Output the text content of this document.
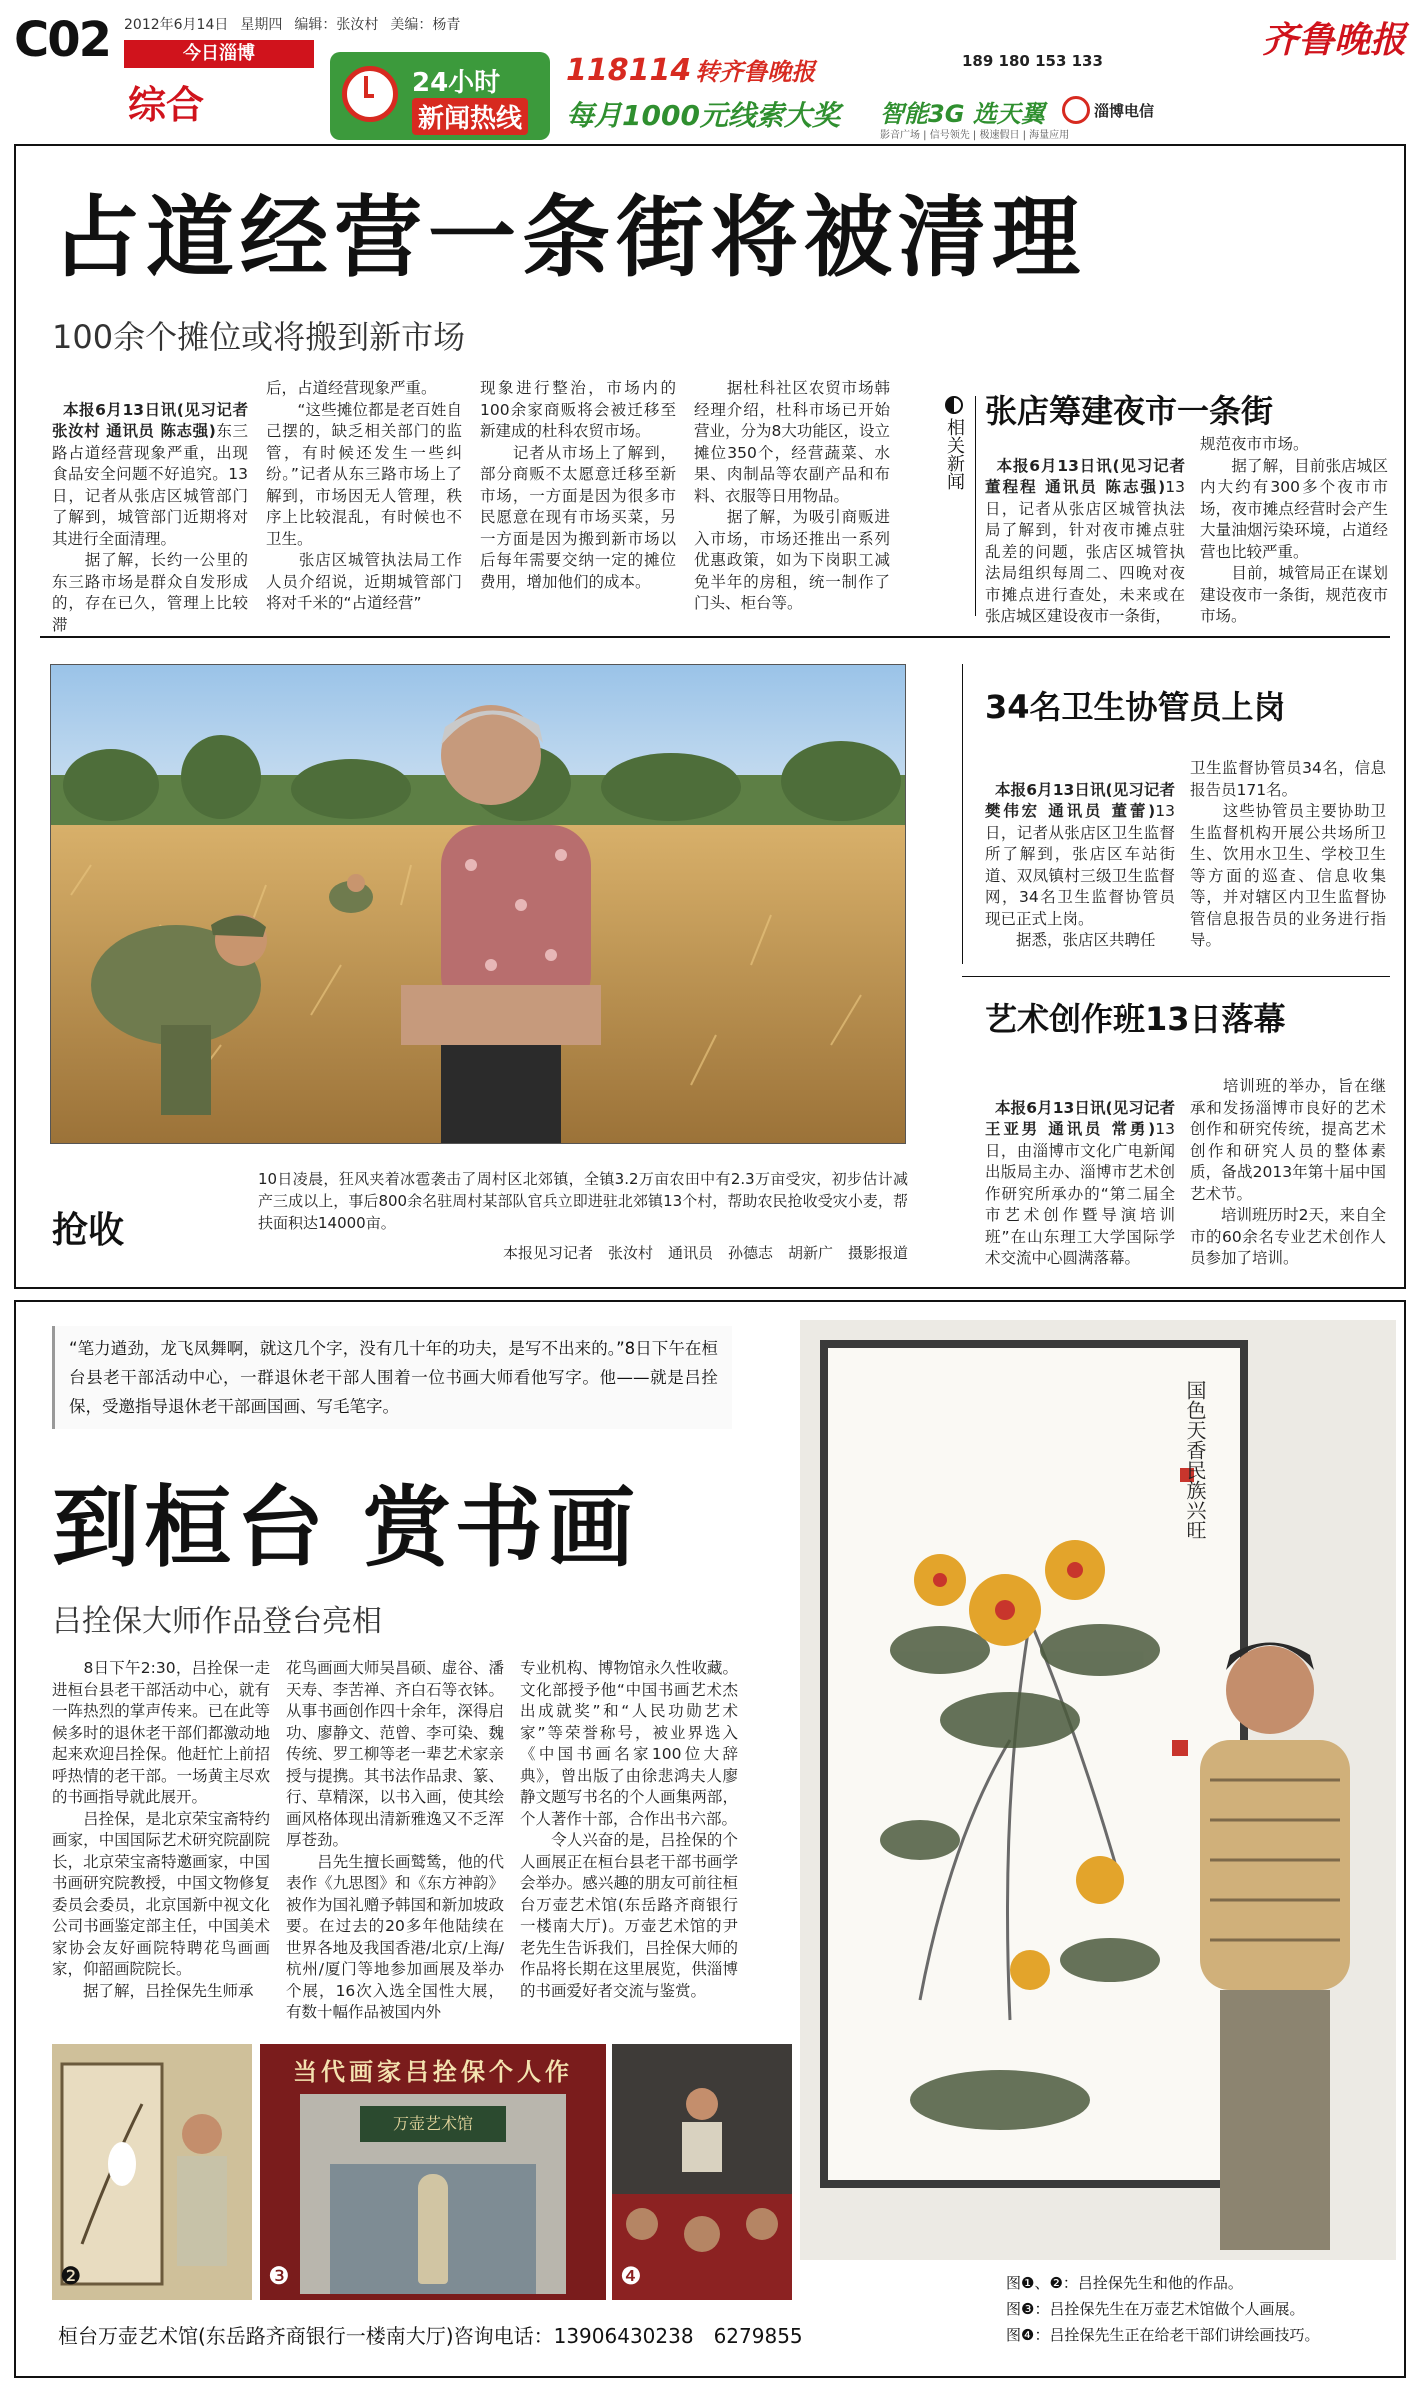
C02 2012年6月14日 星期四 编辑：张汝村 美编：杨青
今日淄博
综合	24小时
新闻热线
118114 转齐鲁晚报
每月1000元线索大奖
189 180 153 133
智能3G 选天翼	淄博电信
影音广场 | 信号领先 | 极速假日 | 海量应用
齐鲁晚报
占道经营一条街将被清理
100余个摊位或将搬到新市场

本报6月13日讯(见习记者 张汝村 通讯员 陈志强)东三路占道经营现象严重，出现食品安全问题不好追究。13日，记者从张店区城管部门了解到，城管部门近期将对其进行全面清理。
　　据了解，长约一公里的东三路市场是群众自发形成的，存在已久，管理上比较滞

后，占道经营现象严重。
　　“这些摊位都是老百姓自己摆的，缺乏相关部门的监管，有时候还发生一些纠纷。”记者从东三路市场上了解到，市场因无人管理，秩序上比较混乱，有时候也不卫生。
　　张店区城管执法局工作人员介绍说，近期城管部门将对千米的“占道经营”
现象进行整治，市场内的100余家商贩将会被迁移至新建成的杜科农贸市场。
　　记者从市场上了解到，部分商贩不太愿意迁移至新市场，一方面是因为很多市民愿意在现有市场买菜，另一方面是因为搬到新市场以后每年需要交纳一定的摊位费用，增加他们的成本。
　　据杜科社区农贸市场韩经理介绍，杜科市场已开始营业，分为8大功能区，设立摊位350个，经营蔬菜、水果、肉制品等农副产品和布料、衣服等日用物品。
　　据了解，为吸引商贩进入市场，市场还推出一系列优惠政策，如为下岗职工减免半年的房租，统一制作了门头、柜台等。
相关新闻
张店筹建夜市一条街

本报6月13日讯(见习记者 董程程 通讯员 陈志强)13日，记者从张店区城管执法局了解到，针对夜市摊点驻乱差的问题，张店区城管执法局组织每周二、四晚对夜市摊点进行查处，未来或在张店城区建设夜市一条街，

规范夜市市场。
　　据了解，目前张店城区内大约有300多个夜市市场，夜市摊点经营时会产生大量油烟污染环境，占道经营也比较严重。
　　目前，城管局正在谋划建设夜市一条街，规范夜市市场。
抢收
10日凌晨，狂风夹着冰雹袭击了周村区北郊镇，全镇3.2万亩农田中有2.3万亩受灾，初步估计减产三成以上，事后800余名驻周村某部队官兵立即进驻北郊镇13个村，帮助农民抢收受灾小麦，帮扶面积达14000亩。
本报见习记者　张汝村　通讯员　孙德志　胡新广　摄影报道
34名卫生协管员上岗

本报6月13日讯(见习记者 樊伟宏 通讯员 董蕾)13日，记者从张店区卫生监督所了解到，张店区车站街道、双凤镇村三级卫生监督网，34名卫生监督协管员现已正式上岗。
　　据悉，张店区共聘任

卫生监督协管员34名，信息报告员171名。
　　这些协管员主要协助卫生监督机构开展公共场所卫生、饮用水卫生、学校卫生等方面的巡查、信息收集等，并对辖区内卫生监督协管信息报告员的业务进行指导。
艺术创作班13日落幕

本报6月13日讯(见习记者 王亚男 通讯员 常勇)13日，由淄博市文化广电新闻出版局主办、淄博市艺术创作研究所承办的“第二届全市艺术创作暨导演培训班”在山东理工大学国际学术交流中心圆满落幕。

　　培训班的举办，旨在继承和发扬淄博市良好的艺术创作和研究传统，提高艺术创作和研究人员的整体素质，备战2013年第十届中国艺术节。
　　培训班历时2天，来自全市的60余名专业艺术创作人员参加了培训。
“笔力遒劲，龙飞凤舞啊，就这几个字，没有几十年的功夫，是写不出来的。”8日下午在桓台县老干部活动中心，一群退休老干部人围着一位书画大师看他写字。他——就是吕拴保，受邀指导退休老干部画国画、写毛笔字。
到桓台 赏书画
吕拴保大师作品登台亮相
　　8日下午2:30，吕拴保一走进桓台县老干部活动中心，就有一阵热烈的掌声传来。已在此等候多时的退休老干部们都激动地起来欢迎吕拴保。他赶忙上前招呼热情的老干部。一场黄主尽欢的书画指导就此展开。
　　吕拴保，是北京荣宝斋特约画家，中国国际艺术研究院副院长，北京荣宝斋特邀画家，中国书画研究院教授，中国文物修复委员会委员，北京国新中视文化公司书画鉴定部主任，中国美术家协会友好画院特聘花鸟画画家，仰韶画院院长。
　　据了解，吕拴保先生师承
花鸟画画大师吴昌硕、虚谷、潘天寿、李苦禅、齐白石等衣钵。从事书画创作四十余年，深得启功、廖静文、范曾、李可染、魏传统、罗工柳等老一辈艺术家亲授与提携。其书法作品隶、篆、行、草精深，以书入画，使其绘画风格体现出清新雅逸又不乏浑厚苍劲。
　　吕先生擅长画鹫鸶，他的代表作《九思图》和《东方神韵》被作为国礼赠予韩国和新加坡政要。在过去的20多年他陆续在世界各地及我国香港/北京/上海/杭州/厦门等地参加画展及举办个展，16次入选全国性大展，有数十幅作品被国内外
专业机构、博物馆永久性收藏。文化部授予他“中国书画艺术杰出成就奖”和“人民功勋艺术家”等荣誉称号，被业界选入《中国书画名家100位大辞典》，曾出版了由徐悲鸿夫人廖静文题写书名的个人画集两部，个人著作十部，合作出书六部。
　　令人兴奋的是，吕拴保的个人画展正在桓台县老干部书画学会举办。感兴趣的朋友可前往桓台万壶艺术馆(东岳路齐商银行一楼南大厅)。万壶艺术馆的尹老先生告诉我们，吕拴保大师的作品将长期在这里展览，供淄博的书画爱好者交流与鉴赏。
国色天香民族兴旺
❷
当代画家吕拴保个人作
万壶艺术馆
❸	❹	图❶、❷：吕拴保先生和他的作品。
图❸：吕拴保先生在万壶艺术馆做个人画展。
图❹：吕拴保先生正在给老干部们讲绘画技巧。
桓台万壶艺术馆(东岳路齐商银行一楼南大厅)咨询电话：13906430238　6279855
